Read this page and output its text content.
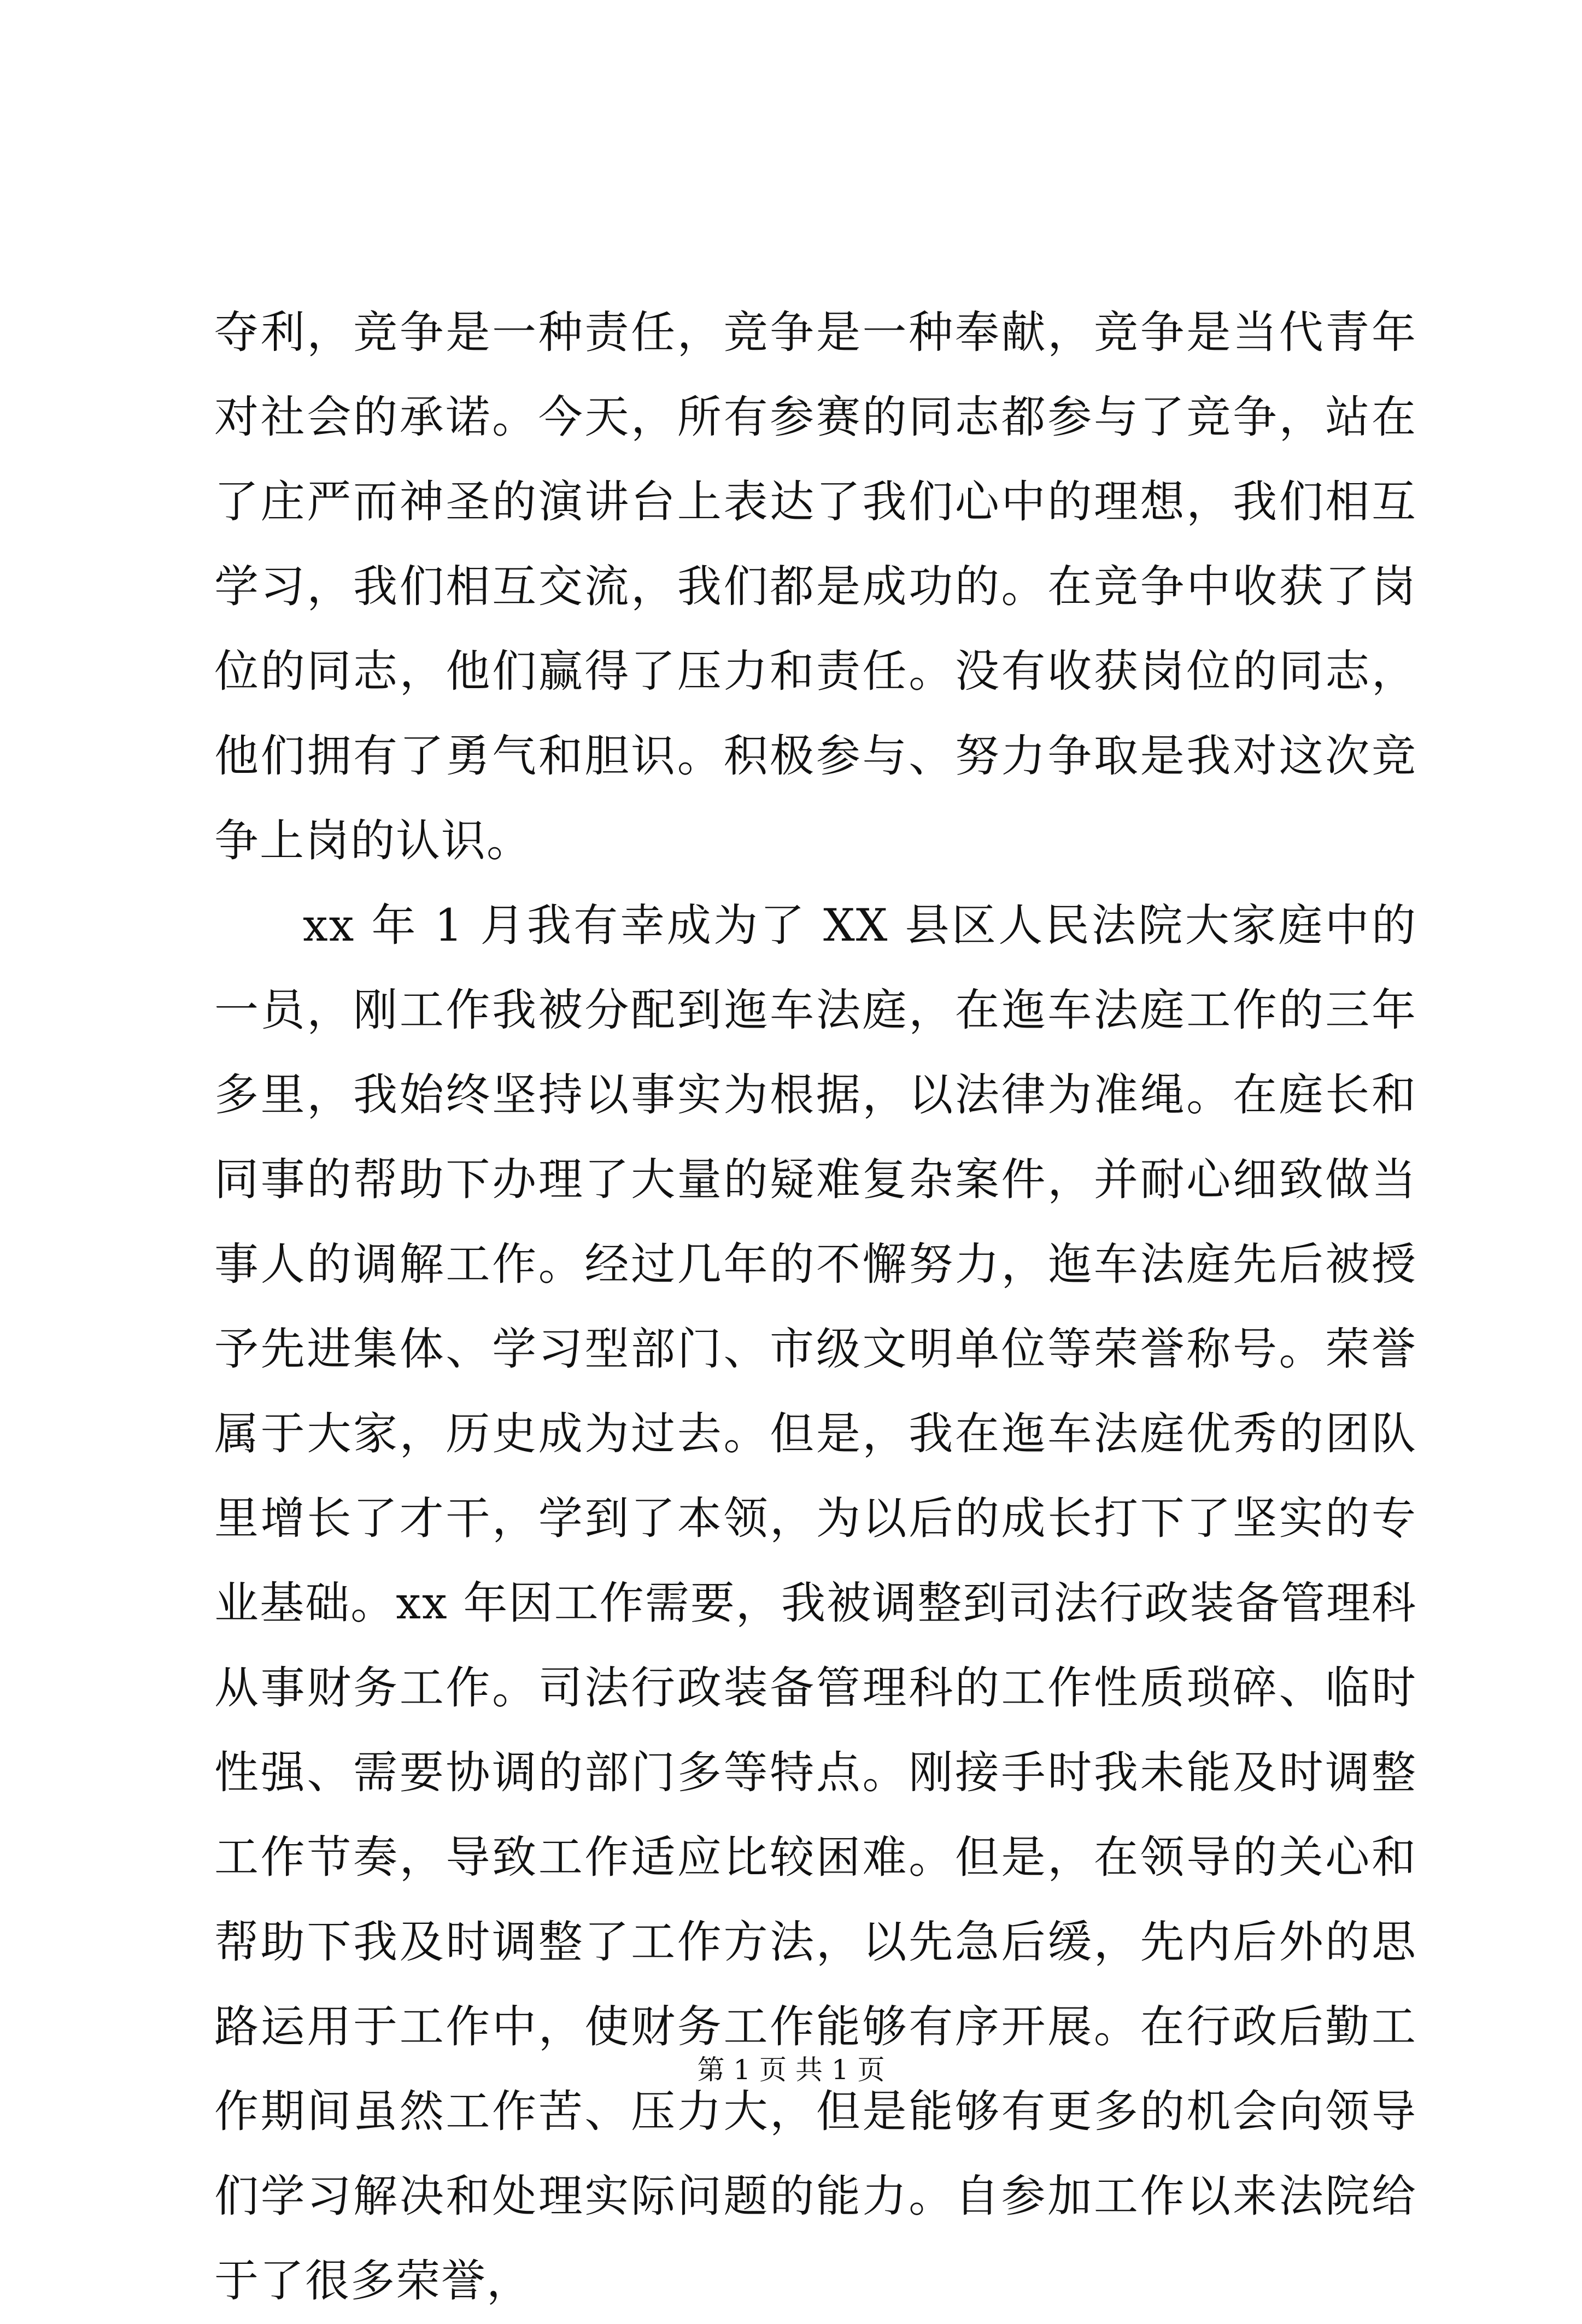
夺利，竞争是一种责任，竞争是一种奉献，竞争是当代青年对社会的承诺。今天，所有参赛的同志都参与了竞争，站在了庄严而神圣的演讲台上表达了我们心中的理想，我们相互学习，我们相互交流，我们都是成功的。在竞争中收获了岗位的同志，他们赢得了压力和责任。没有收获岗位的同志，他们拥有了勇气和胆识。积极参与、努力争取是我对这次竞争上岗的认识。

xx 年 1 月我有幸成为了 XX 县区人民法院大家庭中的一员，刚工作我被分配到迤车法庭，在迤车法庭工作的三年多里，我始终坚持以事实为根据，以法律为准绳。在庭长和同事的帮助下办理了大量的疑难复杂案件，并耐心细致做当事人的调解工作。经过几年的不懈努力，迤车法庭先后被授予先进集体、学习型部门、市级文明单位等荣誉称号。荣誉属于大家，历史成为过去。但是，我在迤车法庭优秀的团队里增长了才干，学到了本领，为以后的成长打下了坚实的专业基础。xx 年因工作需要，我被调整到司法行政装备管理科从事财务工作。司法行政装备管理科的工作性质琐碎、临时性强、需要协调的部门多等特点。刚接手时我未能及时调整工作节奏，导致工作适应比较困难。但是，在领导的关心和帮助下我及时调整了工作方法，以先急后缓，先内后外的思路运用于工作中，使财务工作能够有序开展。在行政后勤工作期间虽然工作苦、压力大，但是能够有更多的机会向领导们学习解决和处理实际问题的能力。自参加工作以来法院给于了很多荣誉，

第 1 页 共 1 页
